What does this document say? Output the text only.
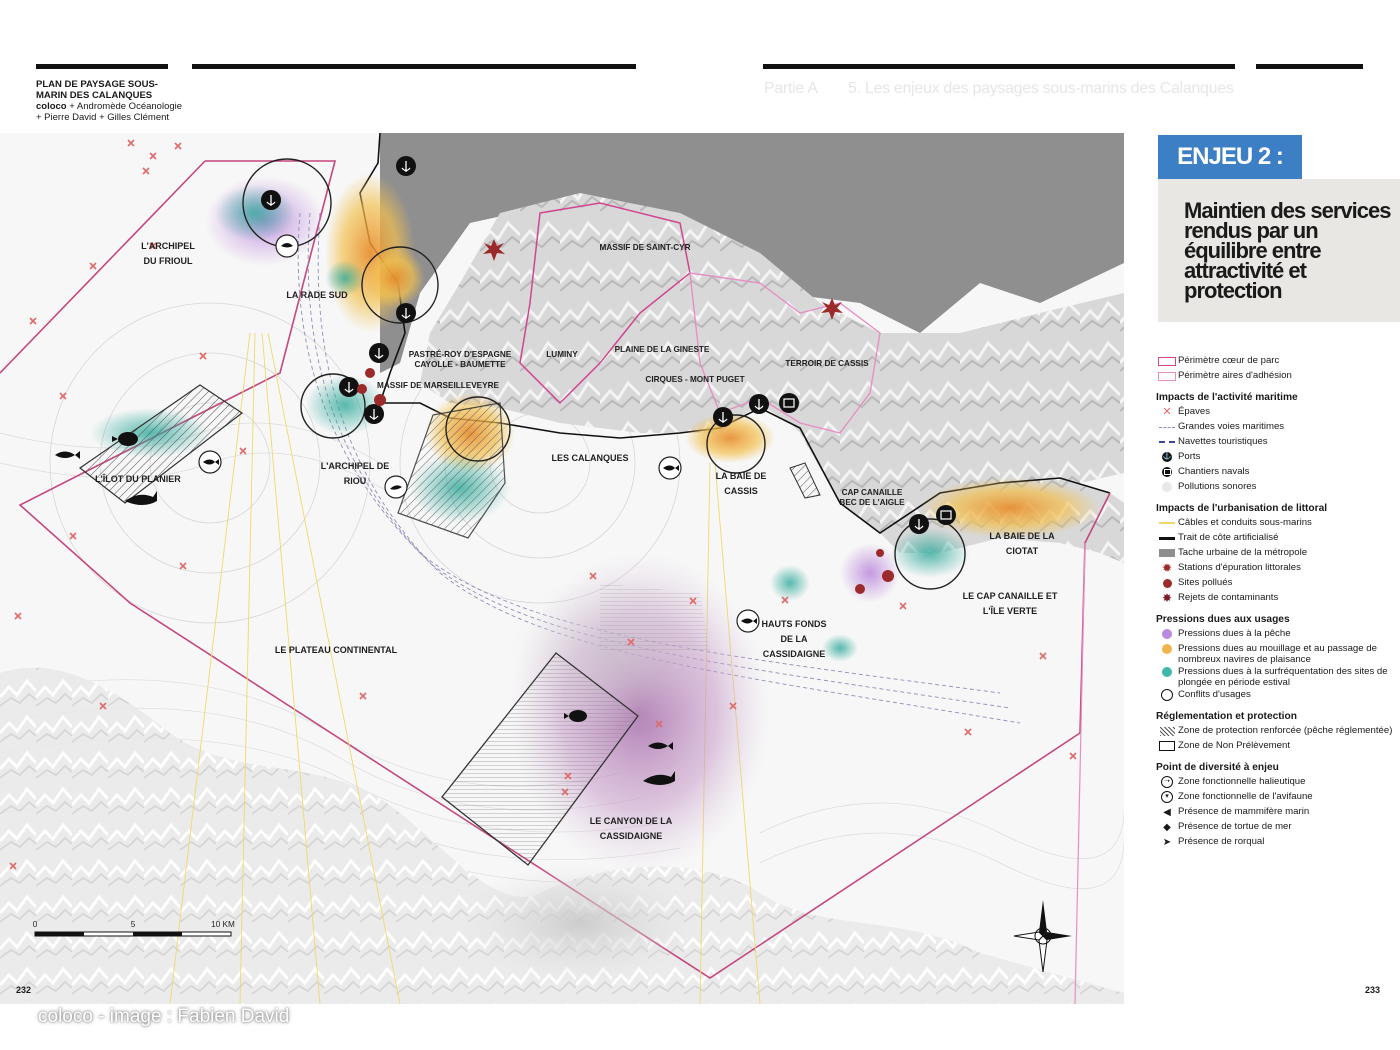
PLAN DE PAYSAGE SOUS-MARIN DES CALANQUES
coloco + Andromède Océanologie + Pierre David + Gilles Clément
Partie A 5. Les enjeux des paysages sous-marins des Calanques
L'ARCHIPEL DU FRIOUL
LA RADE SUD
MASSIF DE SAINT-CYR
PASTRÉ-ROY D'ESPAGNE CAYOLLE - BAUMETTE
MASSIF DE MARSEILLEVEYRE
LUMINY
PLAINE DE LA GINESTE
CIRQUES - MONT PUGET
TERROIR DE CASSIS
L'ÎLOT DU PLANIER
L'ARCHIPEL DE RIOU
LES CALANQUES
LA BAIE DE CASSIS	CAP CANAILLE BEC DE L'AIGLE
LA BAIE DE LA CIOTAT
LE CAP CANAILLE ET L'ÎLE VERTE
HAUTS FONDS DE LA CASSIDAIGNE
LE PLATEAU CONTINENTAL
LE CANYON DE LA CASSIDAIGNE
0	5	10 KM
232	233
coloco - image : Fabien David
ENJEU 2 :
Maintien des services rendus par un équilibre entre attractivité et protection
Périmètre cœur de parc
Périmètre aires d'adhésion
Impacts de l'activité maritime
✕ Épaves
Grandes voies maritimes
Navettes touristiques
⚓ Ports
Chantiers navals
Pollutions sonores
Impacts de l'urbanisation de littoral
Câbles et conduits sous-marins
Trait de côte artificialisé
Tache urbaine de la métropole
✹ Stations d'épuration littorales
Sites pollués
✸ Rejets de contaminants
Pressions dues aux usages
Pressions dues à la pêche
Pressions dues au mouillage et au passage de nombreux navires de plaisance
Pressions dues à la surfréquentation des sites de plongée en période estival
Conflits d'usages
Réglementation et protection
Zone de protection renforcée (pêche réglementée)
Zone de Non Prélèvement
Point de diversité à enjeu
➝ Zone fonctionnelle halieutique
▾ Zone fonctionnelle de l'avifaune
◀ Présence de mammifère marin
◆ Présence de tortue de mer
➤ Présence de rorqual
